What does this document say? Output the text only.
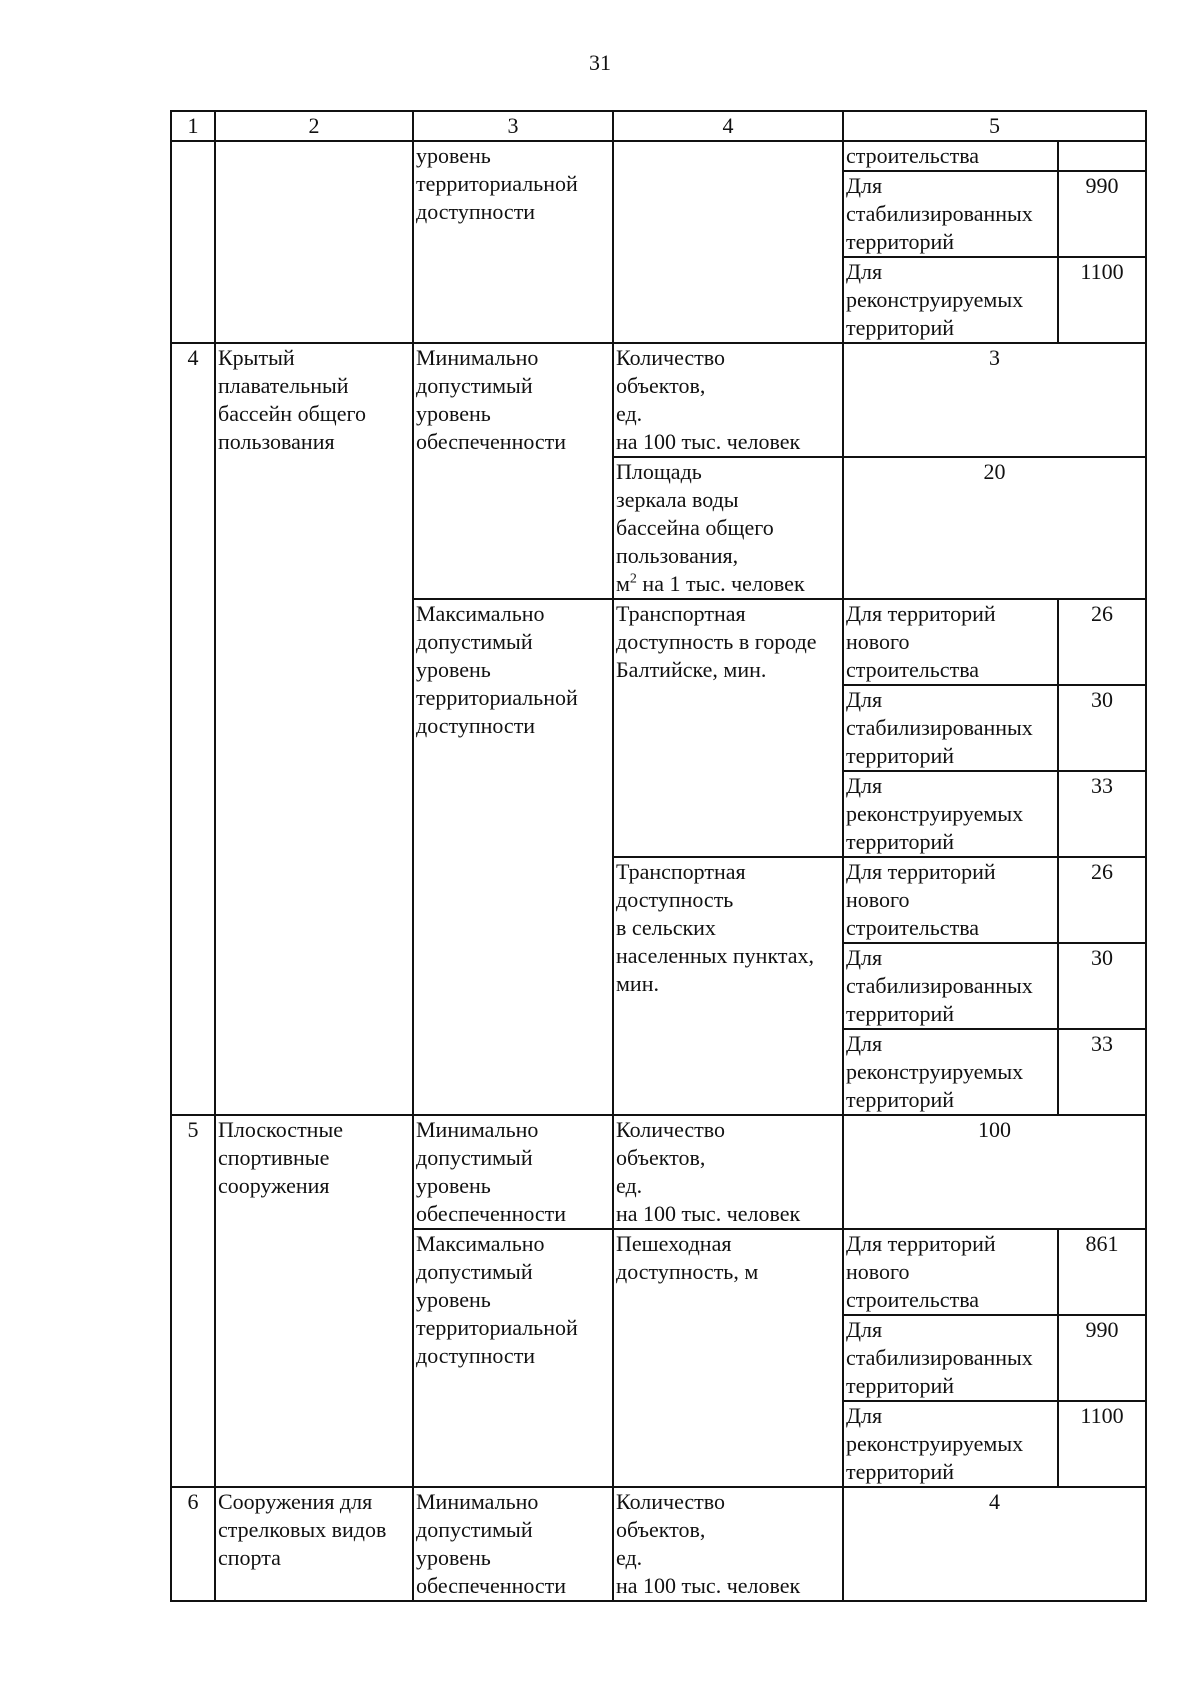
31
1	2	3	4	5	

		уровень
территориальной
доступности		строительства	

				Для
стабилизированных
территорий	990

				Для
реконструируемых
территорий	1100
4	Крытый
плавательный
бассейн общего
пользования	Минимально
допустимый
уровень
обеспеченности	Количество
объектов,
ед.
на 100 тыс. человек	3	

			Площадь
зеркала воды
бассейна общего
пользования,
$м^2$ на 1 тыс. человек	20	

		Максимально
допустимый
уровень
территориальной
доступности	Транспортная
доступность в городе
Балтийске, мин.	Для территорий
нового
строительства	26

				Для
стабилизированных
территорий	30

				Для
реконструируемых
территорий	33

			Транспортная
доступность
в сельских
населенных пунктах,
мин.	Для территорий
нового
строительства	26

				Для
стабилизированных
территорий	30

				Для
реконструируемых
территорий	33
5	Плоскостные
спортивные
сооружения	Минимально
допустимый
уровень
обеспеченности	Количество
объектов,
ед.
на 100 тыс. человек	100	

		Максимально
допустимый
уровень
территориальной
доступности	Пешеходная
доступность, м	Для территорий
нового
строительства	861

				Для
стабилизированных
территорий	990

				Для
реконструируемых
территорий	1100
6	Сооружения для
стрелковых видов
спорта	Минимально
допустимый
уровень
обеспеченности	Количество
объектов,
ед.
на 100 тыс. человек	4	
